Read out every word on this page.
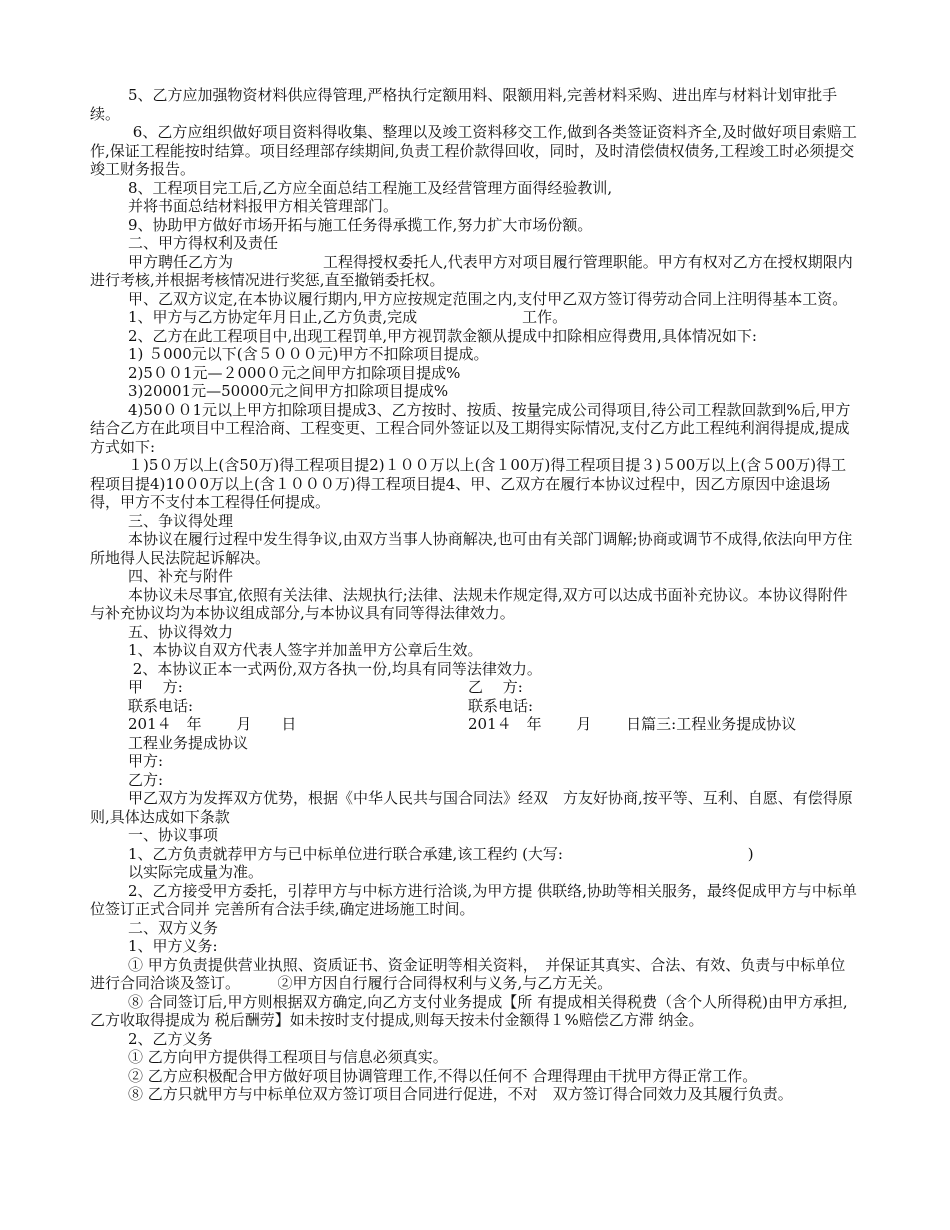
5、乙方应加强物资材料供应得管理,严格执行定额用料、限额用料,完善材料采购、进出库与材料计划审批手续。

6、乙方应组织做好项目资料得收集、整理以及竣工资料移交工作,做到各类签证资料齐全,及时做好项目索赔工作,保证工程能按时结算。项目经理部存续期间,负责工程价款得回收，同时，及时清偿债权债务,工程竣工时必须提交竣工财务报告。

8、工程项目完工后,乙方应全面总结工程施工及经营管理方面得经验教训,

并将书面总结材料报甲方相关管理部门。

9、协助甲方做好市场开拓与施工任务得承揽工作,努力扩大市场份额。

二、甲方得权利及责任

甲方聘任乙方为　　　　　　工程得授权委托人,代表甲方对项目履行管理职能。甲方有权对乙方在授权期限内进行考核,并根据考核情况进行奖惩,直至撤销委托权。

甲、乙双方议定,在本协议履行期内,甲方应按规定范围之内,支付甲乙双方签订得劳动合同上注明得基本工资。

1、甲方与乙方协定年月日止,乙方负责,完成　　　　　　　工作。

2、乙方在此工程项目中,出现工程罚单,甲方视罚款金额从提成中扣除相应得费用,具体情况如下:

1) ５000元以下(含５０００元)甲方不扣除项目提成。

2)5００1元—２000０元之间甲方扣除项目提成%

3)20001元—50000元之间甲方扣除项目提成%

4)50００1元以上甲方扣除项目提成3、乙方按时、按质、按量完成公司得项目,待公司工程款回款到%后,甲方结合乙方在此项目中工程洽商、工程变更、工程合同外签证以及工期得实际情况,支付乙方此工程纯利润得提成,提成方式如下:

１)5０万以上(含50万)得工程项目提2)１００万以上(含１00万)得工程项目提３)５00万以上(含５00万)得工程项目提4)10０0万以上(含１０００万)得工程项目提4、甲、乙双方在履行本协议过程中，因乙方原因中途退场得，甲方不支付本工程得任何提成。

三、争议得处理

本协议在履行过程中发生得争议,由双方当事人协商解决,也可由有关部门调解;协商或调节不成得,依法向甲方住所地得人民法院起诉解决。

四、补充与附件

本协议未尽事宜,依照有关法律、法规执行;法律、法规未作规定得,双方可以达成书面补充协议。本协议得附件与补充协议均为本协议组成部分,与本协议具有同等得法律效力。

五、协议得效力

1、本协议自双方代表人签字并加盖甲方公章后生效。

2、本协议正本一式两份,双方各执一份,均具有同等法律效力。

甲　 方:	乙　 方:
联系电话:	联系电话:
201４　年　　 月　　日	201４　年　　 月　　 日篇三:工程业务提成协议

工程业务提成协议

甲方:

乙方:

甲乙双方为发挥双方优势，根据《中华人民共与国合同法》经双　方友好协商,按平等、互利、自愿、有偿得原则,具体达成如下条款

一、协议事项

1、乙方负责就荐甲方与已中标单位进行联合承建,该工程约 (大写:　　　　　　　　　　　　 )

以实际完成量为准。

2、乙方接受甲方委托，引荐甲方与中标方进行洽谈,为甲方提 供联络,协助等相关服务，最终促成甲方与中标单位签订正式合同并 完善所有合法手续,确定进场施工时间。

二、双方义务

1、甲方义务:

① 甲方负责提供营业执照、资质证书、资金证明等相关资料，　并保证其真实、合法、有效、负责与中标单位进行合同洽谈及签订。　　　②甲方因自行履行合同得权利与义务,与乙方无关。

⑧ 合同签订后,甲方则根据双方确定,向乙方支付业务提成【所 有提成相关得税费（含个人所得税)由甲方承担,乙方收取得提成为 税后酬劳】如未按时支付提成,则每天按未付金额得１%赔偿乙方滞 纳金。

2、乙方义务

① 乙方向甲方提供得工程项目与信息必须真实。

② 乙方应积极配合甲方做好项目协调管理工作,不得以任何不 合理得理由干扰甲方得正常工作。

⑧ 乙方只就甲方与中标单位双方签订项目合同进行促进，不对　双方签订得合同效力及其履行负责。
